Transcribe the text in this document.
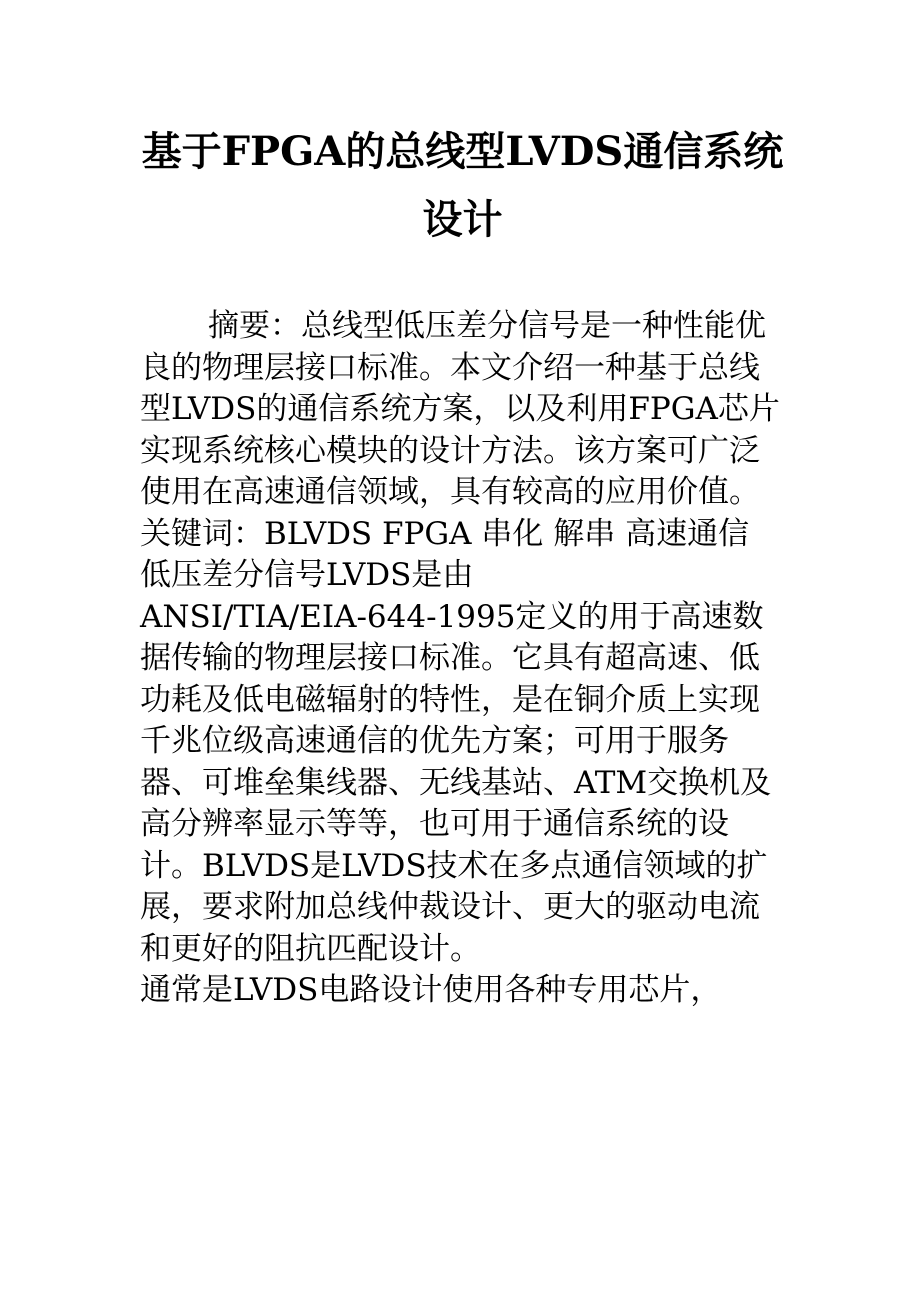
基于FPGA的总线型LVDS通信系统设计

摘要：总线型低压差分信号是一种性能优良的物理层接口标准。本文介绍一种基于总线型LVDS的通信系统方案，以及利用FPGA芯片实现系统核心模块的设计方法。该方案可广泛使用在高速通信领域，具有较高的应用价值。

关键词：BLVDS FPGA 串化 解串 高速通信

低压差分信号LVDS是由

ANSI/TIA/EIA-644-1995定义的用于高速数据传输的物理层接口标准。它具有超高速、低功耗及低电磁辐射的特性，是在铜介质上实现千兆位级高速通信的优先方案；可用于服务器、可堆垒集线器、无线基站、ATM交换机及高分辨率显示等等，也可用于通信系统的设计。BLVDS是LVDS技术在多点通信领域的扩展，要求附加总线仲裁设计、更大的驱动电流和更好的阻抗匹配设计。

通常是LVDS电路设计使用各种专用芯片，
